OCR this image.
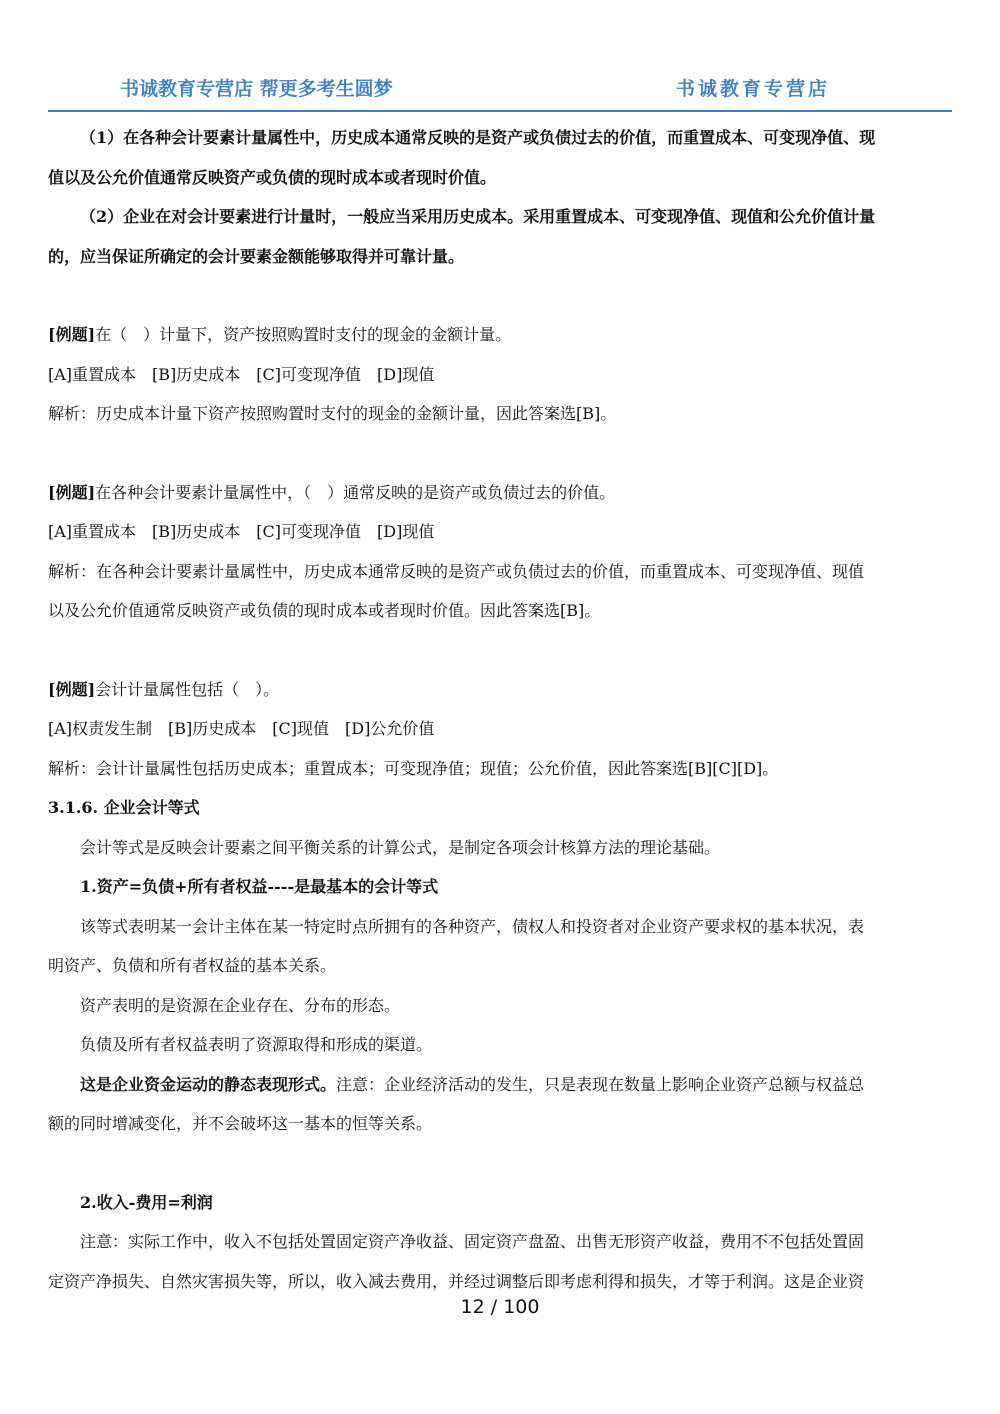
书诚教育专营店 帮更多考生圆梦	书诚教育专营店

（1）在各种会计要素计量属性中，历史成本通常反映的是资产或负债过去的价值，而重置成本、可变现净值、现

值以及公允价值通常反映资产或负债的现时成本或者现时价值。

（2）企业在对会计要素进行计量时，一般应当采用历史成本。采用重置成本、可变现净值、现值和公允价值计量

的，应当保证所确定的会计要素金额能够取得并可靠计量。

[例题]在（　）计量下，资产按照购置时支付的现金的金额计量。

[A]重置成本　[B]历史成本　[C]可变现净值　[D]现值

解析：历史成本计量下资产按照购置时支付的现金的金额计量，因此答案选[B]。

[例题]在各种会计要素计量属性中，（　）通常反映的是资产或负债过去的价值。

[A]重置成本　[B]历史成本　[C]可变现净值　[D]现值

解析：在各种会计要素计量属性中，历史成本通常反映的是资产或负债过去的价值，而重置成本、可变现净值、现值

以及公允价值通常反映资产或负债的现时成本或者现时价值。因此答案选[B]。

[例题]会计计量属性包括（　）。

[A]权责发生制　[B]历史成本　[C]现值　[D]公允价值

解析：会计计量属性包括历史成本；重置成本；可变现净值；现值；公允价值，因此答案选[B][C][D]。

3.1.6. 企业会计等式

会计等式是反映会计要素之间平衡关系的计算公式，是制定各项会计核算方法的理论基础。

1.资产=负债+所有者权益----是最基本的会计等式

该等式表明某一会计主体在某一特定时点所拥有的各种资产，债权人和投资者对企业资产要求权的基本状况，表

明资产、负债和所有者权益的基本关系。

资产表明的是资源在企业存在、分布的形态。

负债及所有者权益表明了资源取得和形成的渠道。

这是企业资金运动的静态表现形式。注意：企业经济活动的发生，只是表现在数量上影响企业资产总额与权益总

额的同时增减变化，并不会破坏这一基本的恒等关系。

2.收入-费用=利润

注意：实际工作中，收入不包括处置固定资产净收益、固定资产盘盈、出售无形资产收益，费用不不包括处置固

定资产净损失、自然灾害损失等，所以，收入减去费用，并经过调整后即考虑利得和损失，才等于利润。这是企业资

12 / 100
